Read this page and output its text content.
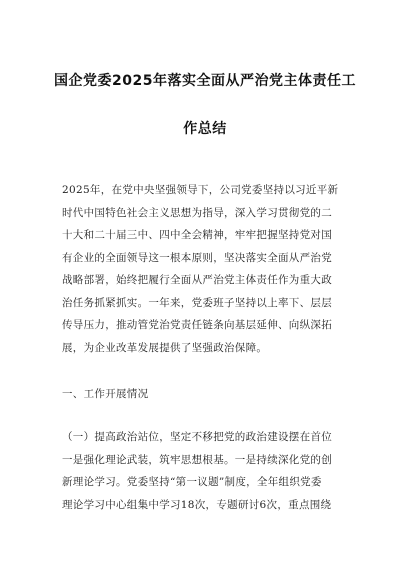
国企党委2025年落实全面从严治党主体责任工
作总结
2025年，在党中央坚强领导下，公司党委坚持以习近平新
时代中国特色社会主义思想为指导，深入学习贯彻党的二
十大和二十届三中、四中全会精神，牢牢把握坚持党对国
有企业的全面领导这一根本原则，坚决落实全面从严治党
战略部署，始终把履行全面从严治党主体责任作为重大政
治任务抓紧抓实。一年来，党委班子坚持以上率下、层层
传导压力，推动管党治党责任链条向基层延伸、向纵深拓
展，为企业改革发展提供了坚强政治保障。
一、工作开展情况
（一）提高政治站位，坚定不移把党的政治建设摆在首位
一是强化理论武装，筑牢思想根基。一是持续深化党的创
新理论学习。党委坚持“第一议题”制度，全年组织党委
理论学习中心组集中学习18次，专题研讨6次，重点围绕
